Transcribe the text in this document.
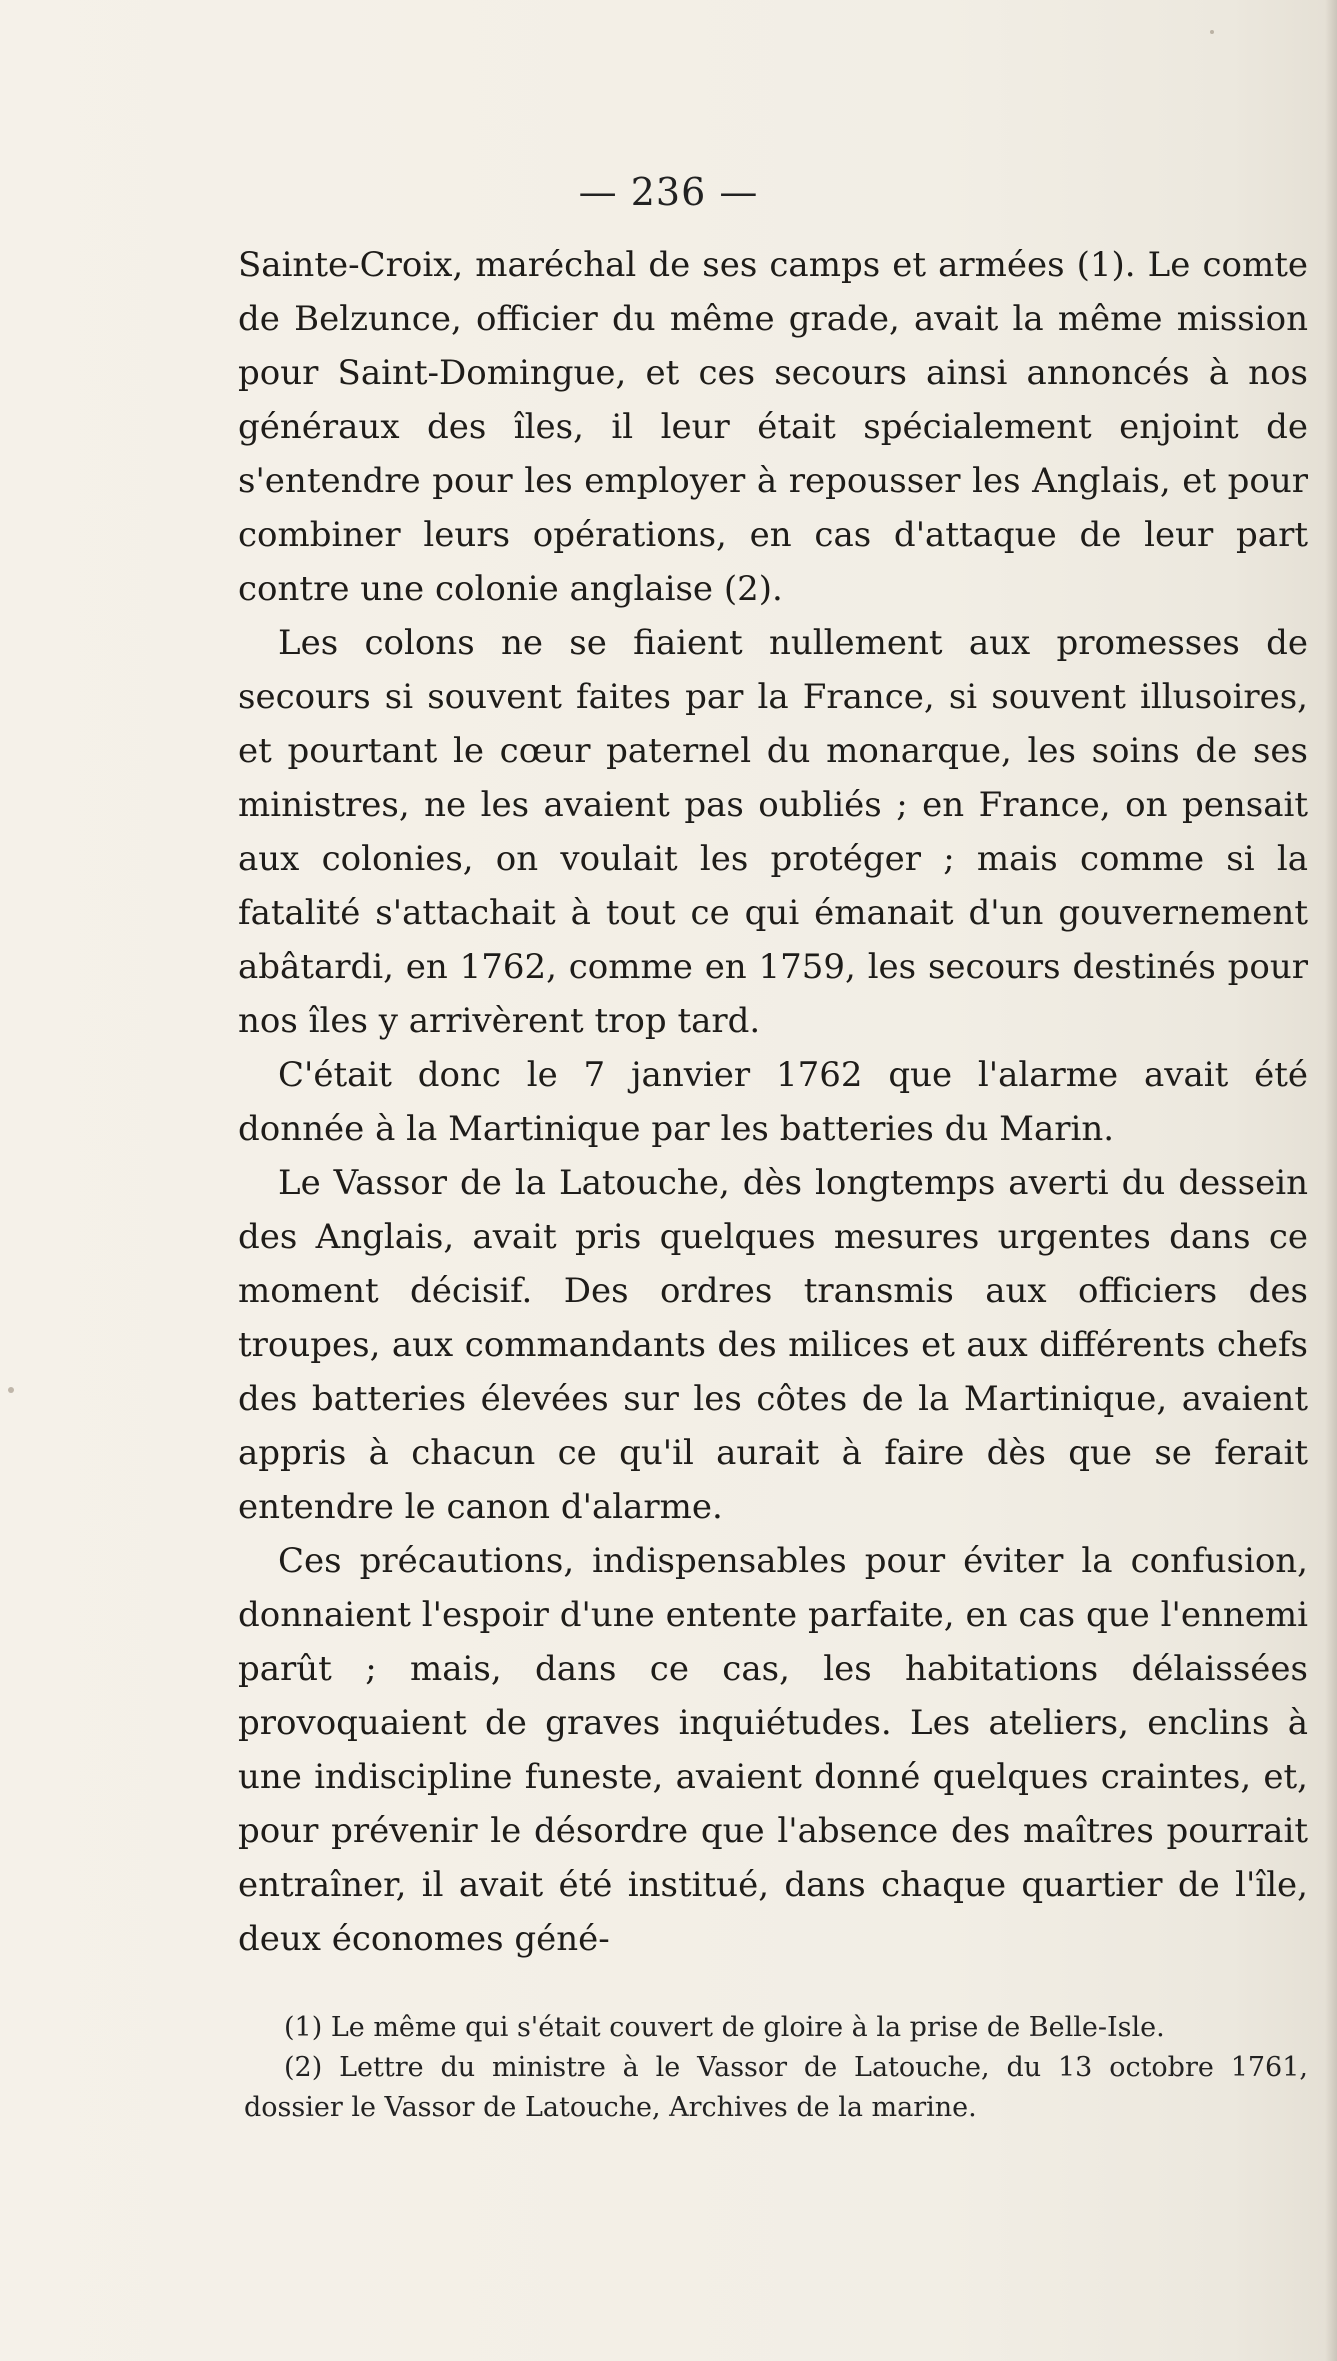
— 236 —

Sainte-Croix, maréchal de ses camps et armées (1). Le comte de Belzunce, officier du même grade, avait la même mission pour Saint-Domingue, et ces secours ainsi annoncés à nos généraux des îles, il leur était spécialement enjoint de s'entendre pour les employer à repousser les Anglais, et pour combiner leurs opérations, en cas d'attaque de leur part contre une colonie anglaise (2).

Les colons ne se fiaient nullement aux promesses de secours si souvent faites par la France, si souvent illusoires, et pourtant le cœur paternel du monarque, les soins de ses ministres, ne les avaient pas oubliés ; en France, on pensait aux colonies, on voulait les protéger ; mais comme si la fatalité s'attachait à tout ce qui émanait d'un gouvernement abâtardi, en 1762, comme en 1759, les secours destinés pour nos îles y arrivèrent trop tard.

C'était donc le 7 janvier 1762 que l'alarme avait été donnée à la Martinique par les batteries du Marin.

Le Vassor de la Latouche, dès longtemps averti du dessein des Anglais, avait pris quelques mesures urgentes dans ce moment décisif. Des ordres transmis aux officiers des troupes, aux commandants des milices et aux différents chefs des batteries élevées sur les côtes de la Martinique, avaient appris à chacun ce qu'il aurait à faire dès que se ferait entendre le canon d'alarme.

Ces précautions, indispensables pour éviter la confusion, donnaient l'espoir d'une entente parfaite, en cas que l'ennemi parût ; mais, dans ce cas, les habitations délaissées provoquaient de graves inquiétudes. Les ateliers, enclins à une indiscipline funeste, avaient donné quelques craintes, et, pour prévenir le désordre que l'absence des maîtres pourrait entraîner, il avait été institué, dans chaque quartier de l'île, deux économes géné-

(1) Le même qui s'était couvert de gloire à la prise de Belle-Isle.

(2) Lettre du ministre à le Vassor de Latouche, du 13 octobre 1761, dossier le Vassor de Latouche, Archives de la marine.
